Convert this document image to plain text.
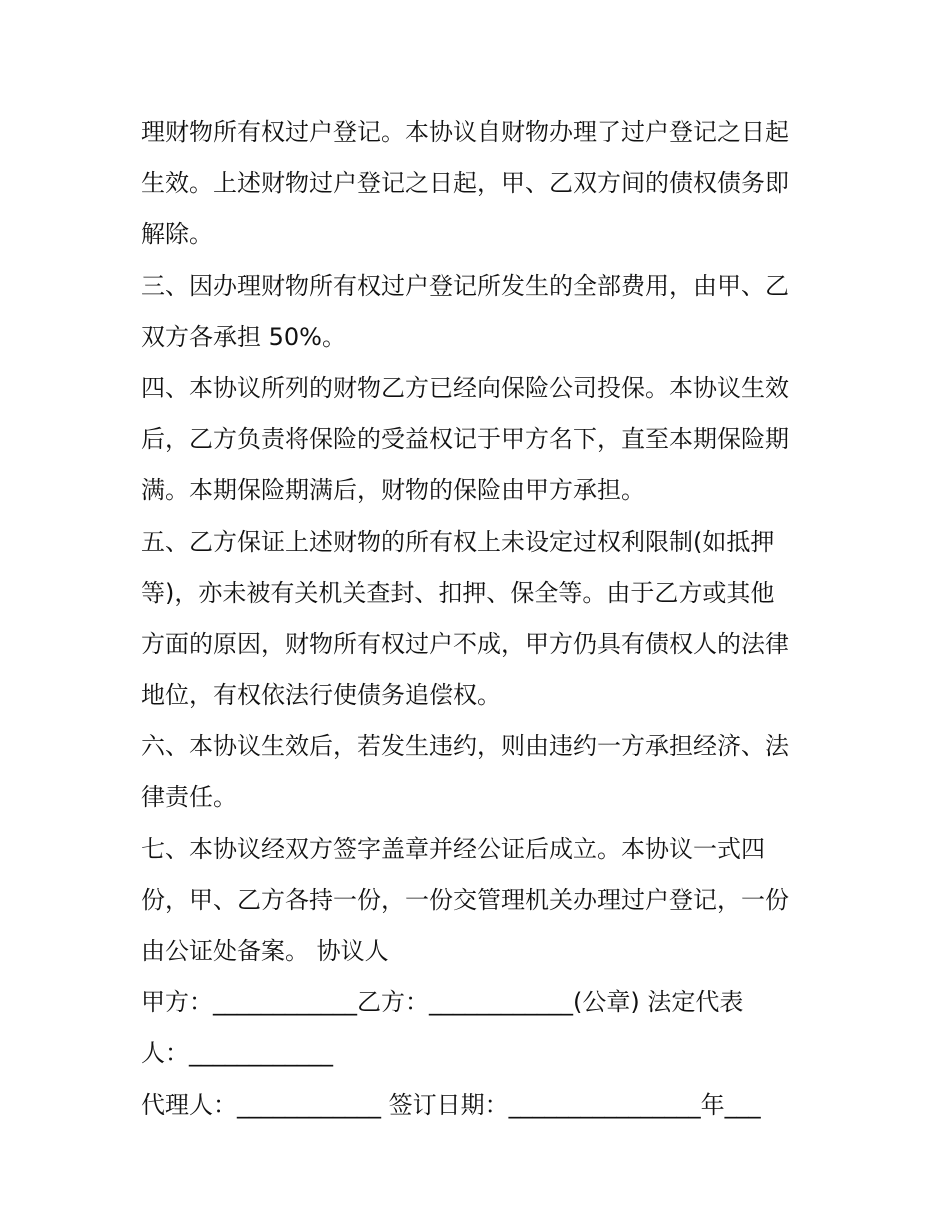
理财物所有权过户登记。本协议自财物办理了过户登记之日起
生效。上述财物过户登记之日起，甲、乙双方间的债权债务即
解除。
三、因办理财物所有权过户登记所发生的全部费用，由甲、乙
双方各承担 50%。
四、本协议所列的财物乙方已经向保险公司投保。本协议生效
后，乙方负责将保险的受益权记于甲方名下，直至本期保险期
满。本期保险期满后，财物的保险由甲方承担。
五、乙方保证上述财物的所有权上未设定过权利限制(如抵押
等)，亦未被有关机关查封、扣押、保全等。由于乙方或其他
方面的原因，财物所有权过户不成，甲方仍具有债权人的法律
地位，有权依法行使债务追偿权。
六、本协议生效后，若发生违约，则由违约一方承担经济、法
律责任。
七、本协议经双方签字盖章并经公证后成立。本协议一式四
份，甲、乙方各持一份，一份交管理机关办理过户登记，一份
由公证处备案。 协议人
甲方：____________乙方：____________(公章) 法定代表
人：____________
代理人：____________ 签订日期：________________年___
